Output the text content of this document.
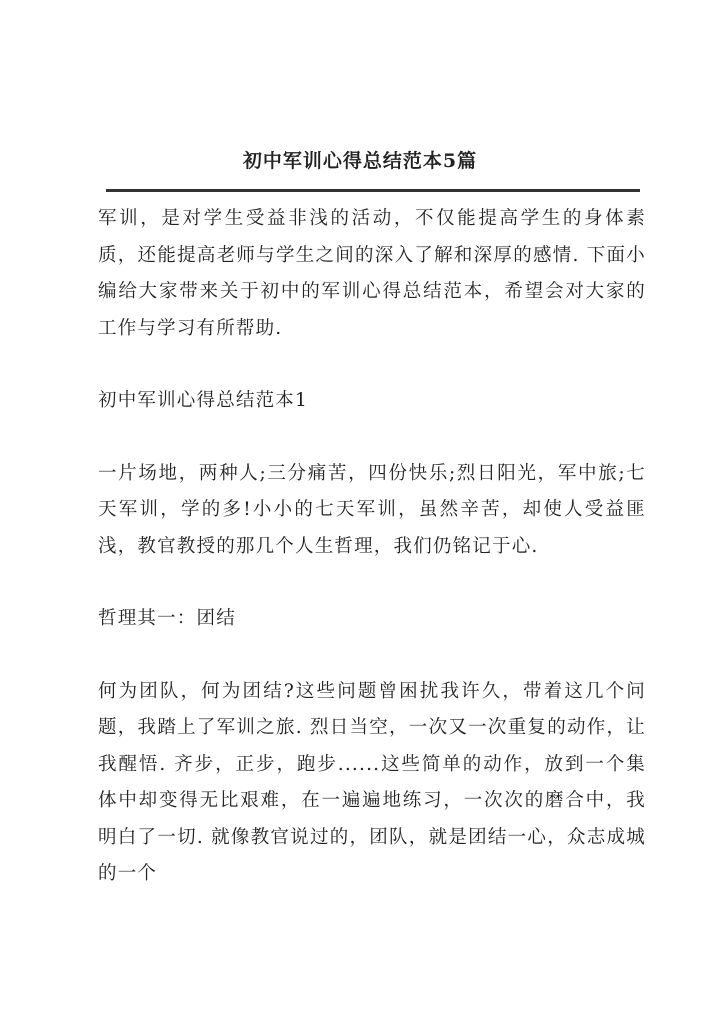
初中军训心得总结范本5篇

军训，是对学生受益非浅的活动，不仅能提高学生的身体素质，还能提高老师与学生之间的深入了解和深厚的感情. 下面小编给大家带来关于初中的军训心得总结范本，希望会对大家的工作与学习有所帮助.

初中军训心得总结范本1

一片场地，两种人;三分痛苦，四份快乐;烈日阳光，军中旅;七天军训，学的多!小小的七天军训，虽然辛苦，却使人受益匪浅，教官教授的那几个人生哲理，我们仍铭记于心.

哲理其一：团结

何为团队，何为团结?这些问题曾困扰我许久，带着这几个问题，我踏上了军训之旅. 烈日当空，一次又一次重复的动作，让我醒悟. 齐步，正步，跑步......这些简单的动作，放到一个集体中却变得无比艰难，在一遍遍地练习，一次次的磨合中，我明白了一切. 就像教官说过的，团队，就是团结一心，众志成城的一个
